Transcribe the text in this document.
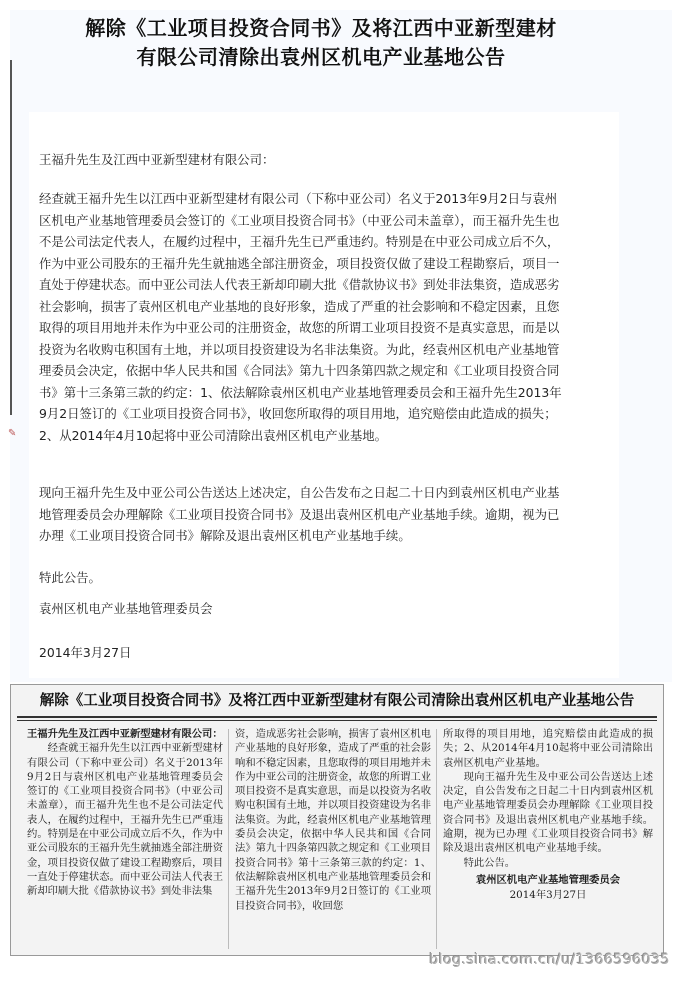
✎
解除《工业项目投资合同书》及将江西中亚新型建材
有限公司清除出袁州区机电产业基地公告
王福升先生及江西中亚新型建材有限公司：
经查就王福升先生以江西中亚新型建材有限公司（下称中亚公司）名义于2013年9月2日与袁州区机电产业基地管理委员会签订的《工业项目投资合同书》（中亚公司未盖章），而王福升先生也不是公司法定代表人，在履约过程中，王福升先生已严重违约。特别是在中亚公司成立后不久，作为中亚公司股东的王福升先生就抽逃全部注册资金，项目投资仅做了建设工程勘察后，项目一直处于停建状态。而中亚公司法人代表王新却印刷大批《借款协议书》到处非法集资，造成恶劣社会影响，损害了袁州区机电产业基地的良好形象，造成了严重的社会影响和不稳定因素，且您取得的项目用地并未作为中亚公司的注册资金，故您的所谓工业项目投资不是真实意思，而是以投资为名收购屯积国有土地，并以项目投资建设为名非法集资。为此，经袁州区机电产业基地管理委员会决定，依据中华人民共和国《合同法》第九十四条第四款之规定和《工业项目投资合同书》第十三条第三款的约定：1、依法解除袁州区机电产业基地管理委员会和王福升先生2013年9月2日签订的《工业项目投资合同书》，收回您所取得的项目用地，追究赔偿由此造成的损失；2、从2014年4月10起将中亚公司清除出袁州区机电产业基地。
现向王福升先生及中亚公司公告送达上述决定，自公告发布之日起二十日内到袁州区机电产业基地管理委员会办理解除《工业项目投资合同书》及退出袁州区机电产业基地手续。逾期，视为已办理《工业项目投资合同书》解除及退出袁州区机电产业基地手续。
特此公告。
袁州区机电产业基地管理委员会
2014年3月27日
解除《工业项目投资合同书》及将江西中亚新型建材有限公司清除出袁州区机电产业基地公告
王福升先生及江西中亚新型建材有限公司：
经查就王福升先生以江西中亚新型建材有限公司（下称中亚公司）名义于2013年9月2日与袁州区机电产业基地管理委员会签订的《工业项目投资合同书》（中亚公司未盖章），而王福升先生也不是公司法定代表人，在履约过程中，王福升先生已严重违约。特别是在中亚公司成立后不久，作为中亚公司股东的王福升先生就抽逃全部注册资金，项目投资仅做了建设工程勘察后，项目一直处于停建状态。而中亚公司法人代表王新却印刷大批《借款协议书》到处非法集
资，造成恶劣社会影响，损害了袁州区机电产业基地的良好形象，造成了严重的社会影响和不稳定因素，且您取得的项目用地并未作为中亚公司的注册资金，故您的所谓工业项目投资不是真实意思，而是以投资为名收购屯积国有土地，并以项目投资建设为名非法集资。为此，经袁州区机电产业基地管理委员会决定，依据中华人民共和国《合同法》第九十四条第四款之规定和《工业项目投资合同书》第十三条第三款的约定：1、依法解除袁州区机电产业基地管理委员会和王福升先生2013年9月2日签订的《工业项目投资合同书》，收回您
所取得的项目用地，追究赔偿由此造成的损失；2、从2014年4月10起将中亚公司清除出袁州区机电产业基地。
现向王福升先生及中亚公司公告送达上述决定，自公告发布之日起二十日内到袁州区机电产业基地管理委员会办理解除《工业项目投资合同书》及退出袁州区机电产业基地手续。逾期，视为已办理《工业项目投资合同书》解除及退出袁州区机电产业基地手续。
特此公告。
袁州区机电产业基地管理委员会
2014年3月27日
blog.sina.com.cn/u/1366596035
